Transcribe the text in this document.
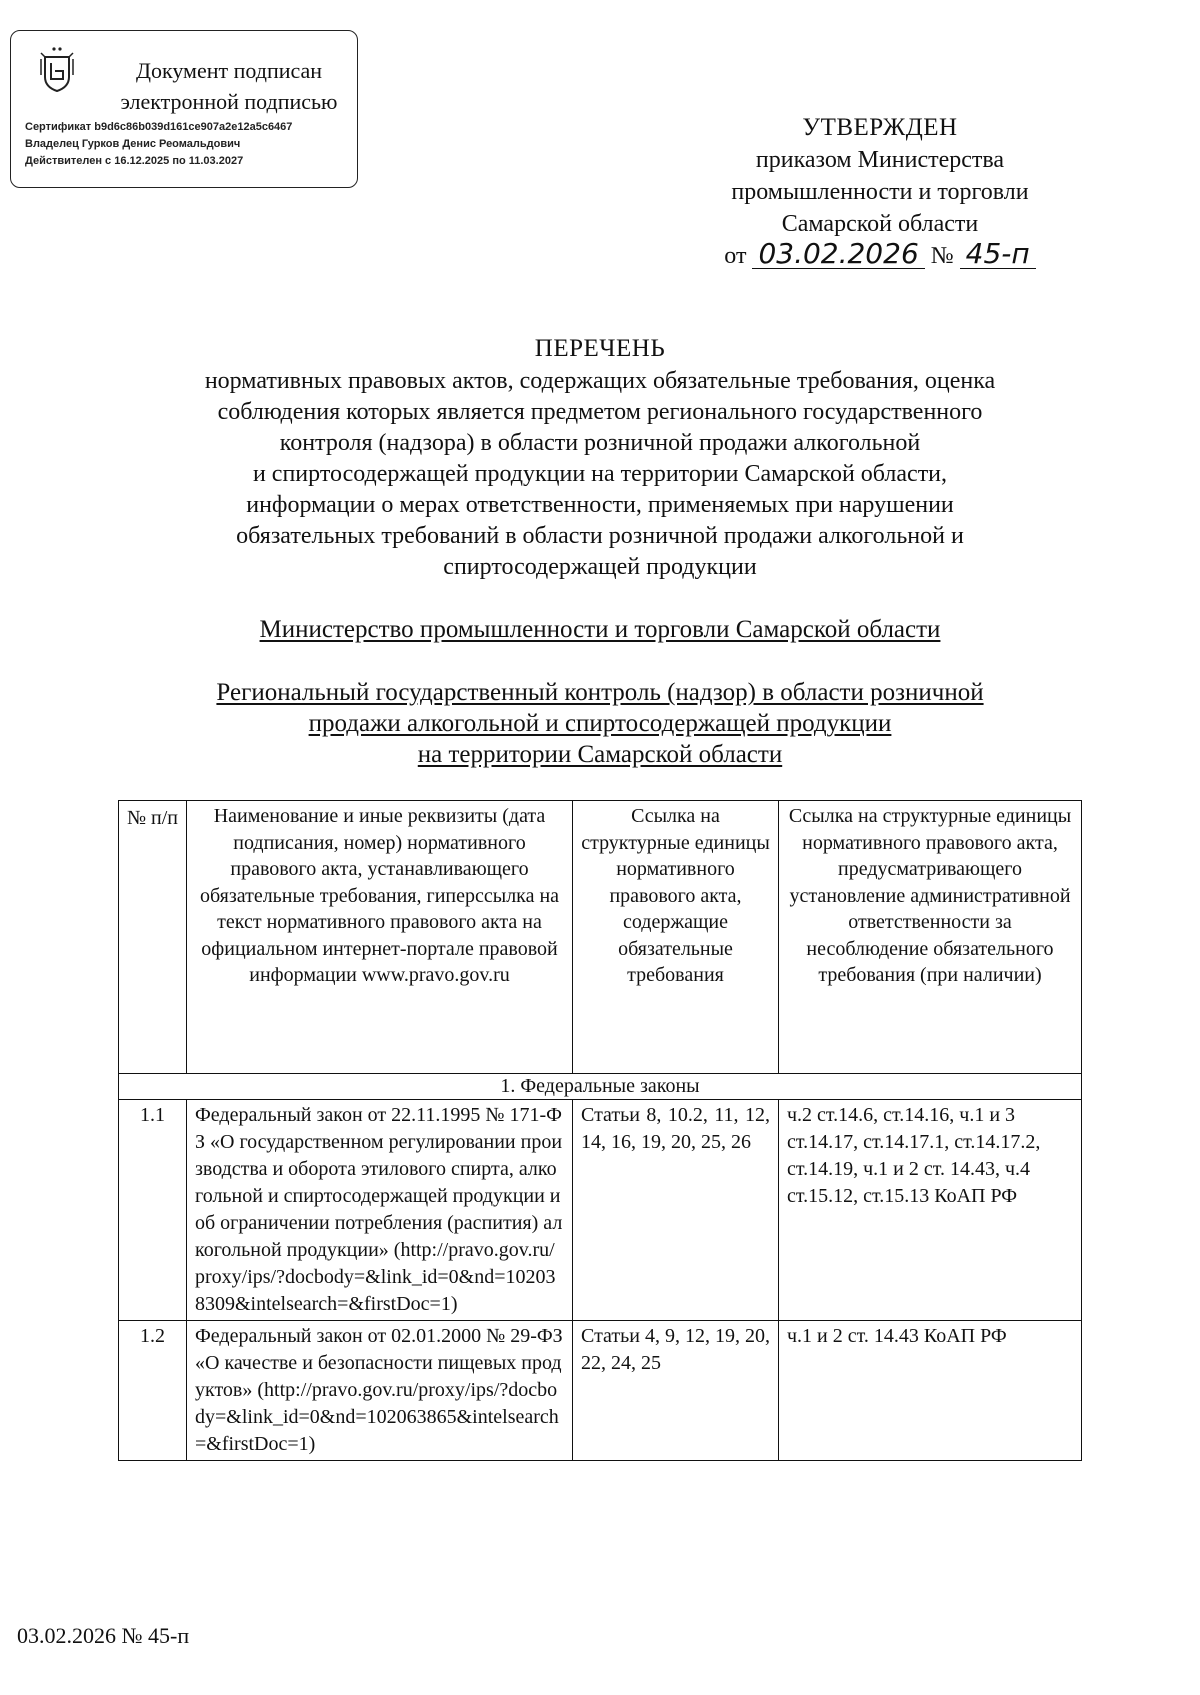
Документ подписан
электронной подписью
Сертификат b9d6c86b039d161ce907a2e12a5c6467
Владелец Гурков Денис Реомальдович
Действителен с 16.12.2025 по 11.03.2027
УТВЕРЖДЕН
приказом Министерства
промышленности и торговли
Самарской области
от 03.02.2026 № 45-п
ПЕРЕЧЕНЬ
нормативных правовых актов, содержащих обязательные требования, оценка
соблюдения которых является предметом регионального государственного
контроля (надзора) в области розничной продажи алкогольной
и спиртосодержащей продукции на территории Самарской области,
информации о мерах ответственности, применяемых при нарушении
обязательных требований в области розничной продажи алкогольной и
спиртосодержащей продукции
Министерство промышленности и торговли Самарской области
Региональный государственный контроль (надзор) в области розничной
продажи алкогольной и спиртосодержащей продукции
на территории Самарской области
№ п/п	Наименование и иные реквизиты (дата подписания, номер) нормативного правового акта, устанавливающего обязательные требования, гиперссылка на текст нормативного правового акта на официальном интернет-портале правовой информации www.pravo.gov.ru	Ссылка на структурные единицы нормативного правового акта, содержащие обязательные требования	Ссылка на структурные единицы нормативного правового акта, предусматривающего установление административной ответственности за несоблюдение обязательного требования (при наличии)
1. Федеральные законы			
1.1	Федеральный закон от 22.11.1995 № 171-ФЗ «О государственном регулировании производства и оборота этилового спирта, алкогольной и спиртосодержащей продукции и об ограничении потребления (распития) алкогольной продукции» (http://pravo.gov.ru/proxy/ips/?docbody=&link_id=0&nd=102038309&intelsearch=&firstDoc=1)	Статьи 8, 10.2, 11, 12, 14, 16, 19, 20, 25, 26	ч.2 ст.14.6, ст.14.16, ч.1 и 3 ст.14.17, ст.14.17.1, ст.14.17.2, ст.14.19, ч.1 и 2 ст. 14.43, ч.4 ст.15.12, ст.15.13 КоАП РФ
1.2	Федеральный закон от 02.01.2000 № 29-ФЗ «О качестве и безопасности пищевых продуктов» (http://pravo.gov.ru/proxy/ips/?docbody=&link_id=0&nd=102063865&intelsearch=&firstDoc=1)	Статьи 4, 9, 12, 19, 20, 22, 24, 25	ч.1 и 2 ст. 14.43 КоАП РФ
03.02.2026 № 45-п
